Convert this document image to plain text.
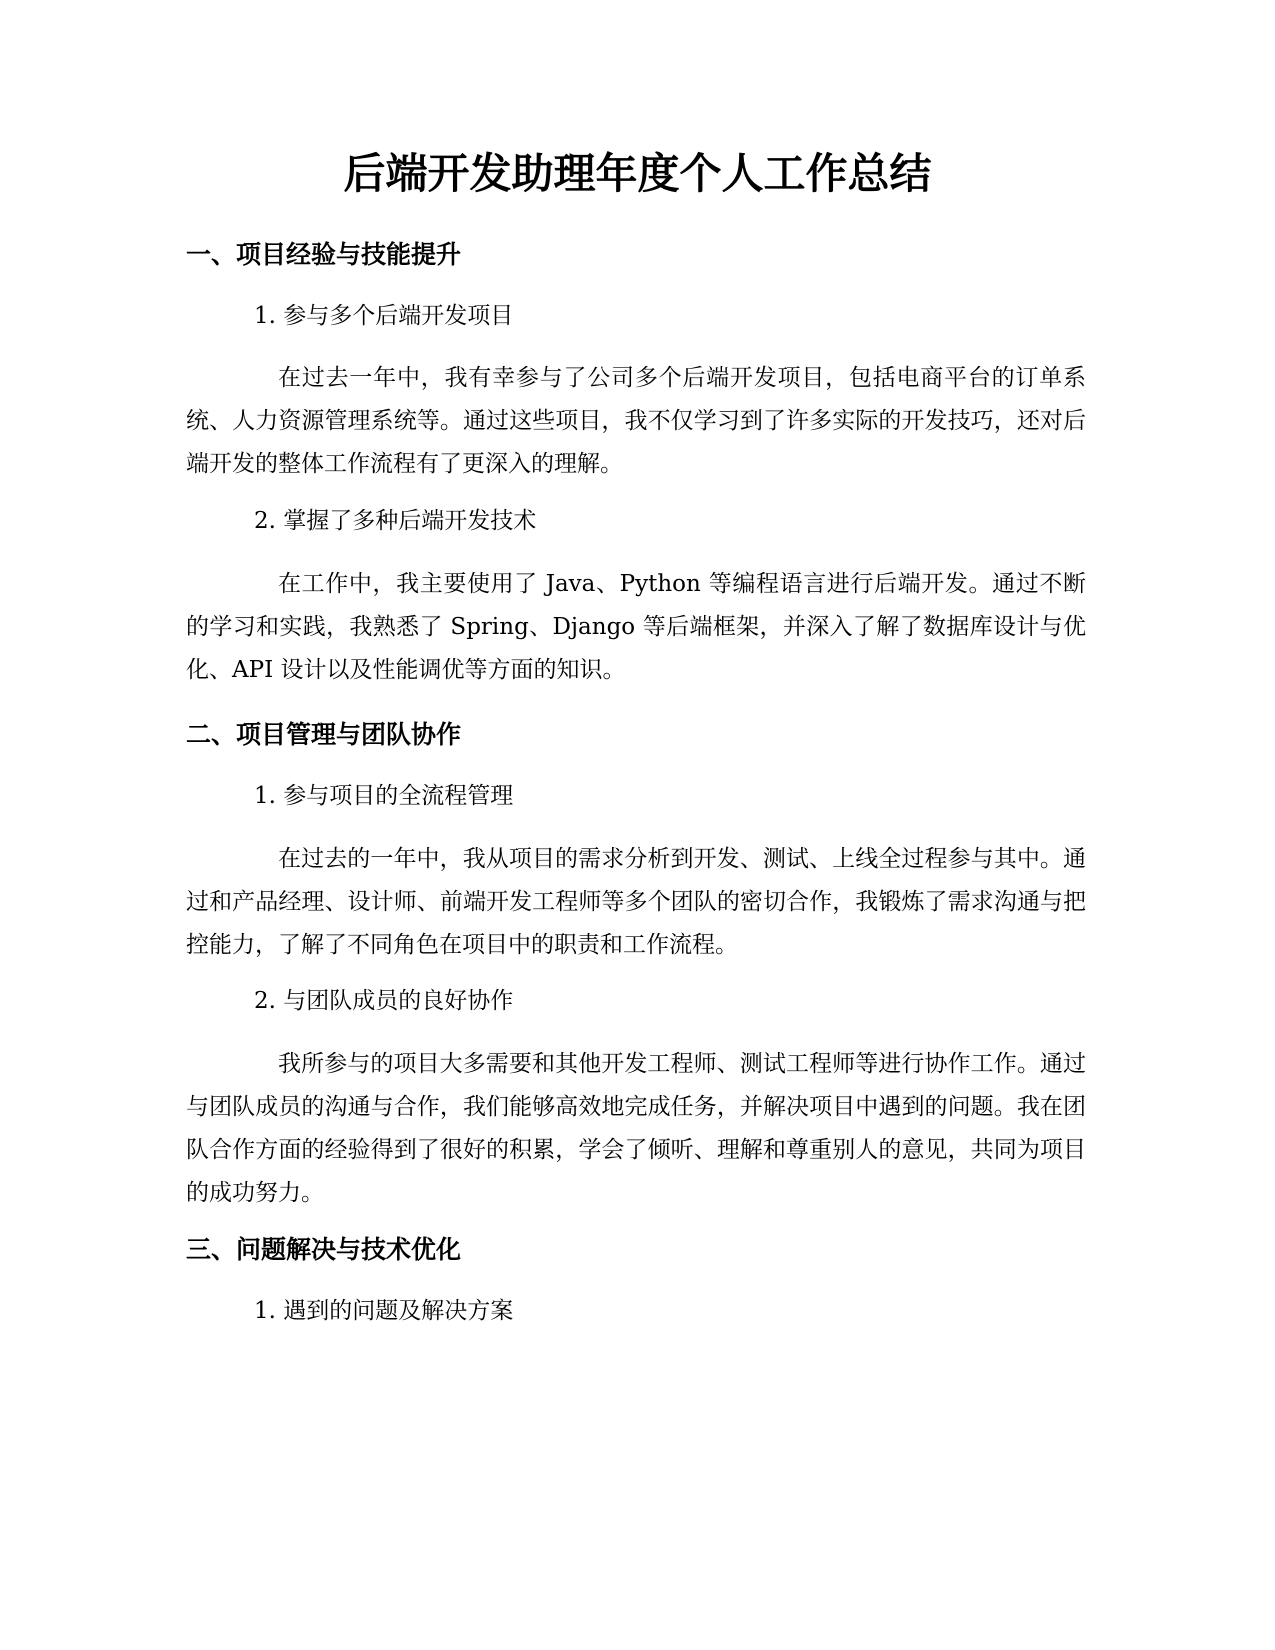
后端开发助理年度个人工作总结
一、项目经验与技能提升

1. 参与多个后端开发项目

在过去一年中，我有幸参与了公司多个后端开发项目，包括电商平台的订单系统、人力资源管理系统等。通过这些项目，我不仅学习到了许多实际的开发技巧，还对后端开发的整体工作流程有了更深入的理解。

2. 掌握了多种后端开发技术

在工作中，我主要使用了 Java、Python 等编程语言进行后端开发。通过不断的学习和实践，我熟悉了 Spring、Django 等后端框架，并深入了解了数据库设计与优化、API 设计以及性能调优等方面的知识。

二、项目管理与团队协作

1. 参与项目的全流程管理

在过去的一年中，我从项目的需求分析到开发、测试、上线全过程参与其中。通过和产品经理、设计师、前端开发工程师等多个团队的密切合作，我锻炼了需求沟通与把控能力，了解了不同角色在项目中的职责和工作流程。

2. 与团队成员的良好协作

我所参与的项目大多需要和其他开发工程师、测试工程师等进行协作工作。通过与团队成员的沟通与合作，我们能够高效地完成任务，并解决项目中遇到的问题。我在团队合作方面的经验得到了很好的积累，学会了倾听、理解和尊重别人的意见，共同为项目的成功努力。

三、问题解决与技术优化

1. 遇到的问题及解决方案
